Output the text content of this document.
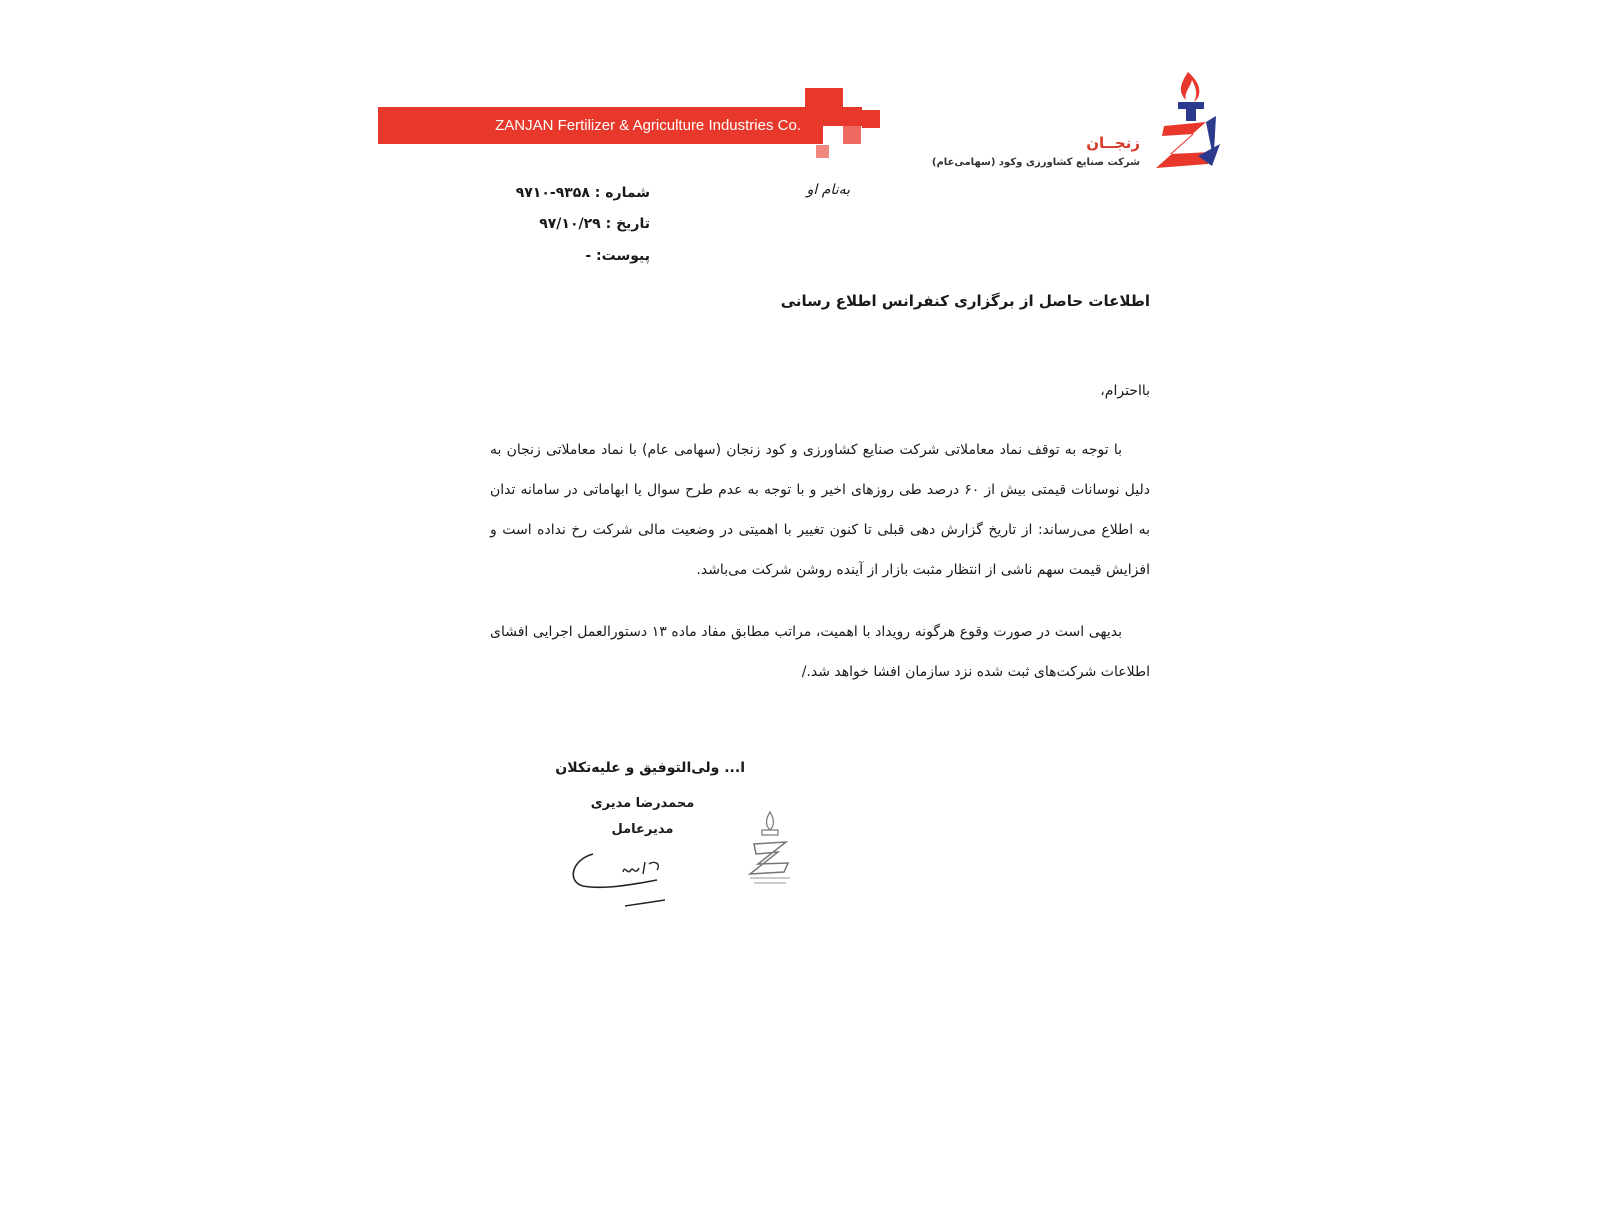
ZANJAN Fertilizer & Agriculture Industries Co.
زنجــان
شرکت صنایع کشاورزی وکود (سهامی‌عام)
به‌نام او
شماره : ۹۳۵۸-۹۷۱۰
تاریخ : ۹۷/۱۰/۲۹
پیوست: -
اطلاعات حاصل از برگزاری کنفرانس اطلاع رسانی
بااحترام،
با توجه به توقف نماد معاملاتی شرکت صنایع کشاورزی و کود زنجان (سهامی عام) با نماد معاملاتی زنجان به دلیل نوسانات قیمتی بیش از ۶۰ درصد طی روزهای اخیر و با توجه به عدم طرح سوال یا ابهاماتی در سامانه تدان به اطلاع می‌رساند: از تاریخ گزارش دهی قبلی تا کنون تغییر با اهمیتی در وضعیت مالی شرکت رخ نداده است و افزایش قیمت سهم ناشی از انتظار مثبت بازار از آینده روشن شرکت می‌باشد.
بدیهی است در صورت وقوع هرگونه رویداد با اهمیت، مراتب مطابق مفاد ماده ۱۳ دستورالعمل اجرایی افشای اطلاعات شرکت‌های ثبت شده نزد سازمان افشا خواهد شد./
ا... ولی‌التوفیق و علیه‌تکلان
محمدرضا مدیری
مدیرعامل
